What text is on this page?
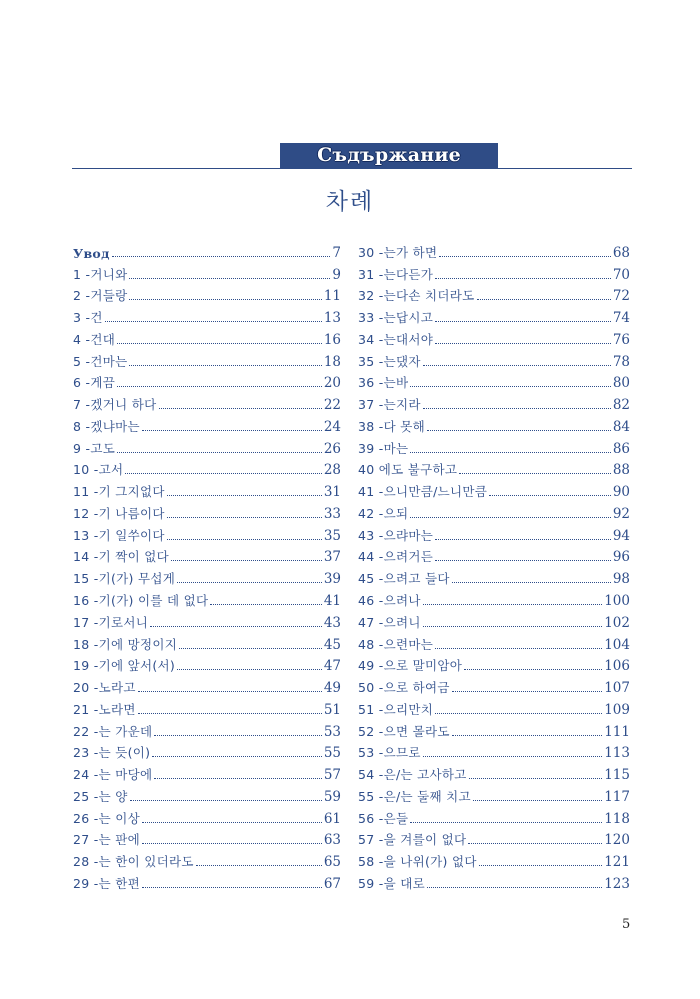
Съдържание
차례
Увод	7
1 -거니와	9
2 -거들랑	11
3 -건	13
4 -건대	16
5 -건마는	18
6 -게끔	20
7 -겠거니 하다	22
8 -겠냐마는	24
9 -고도	26
10 -고서	28
11 -기 그지없다	31
12 -기 나름이다	33
13 -기 일쑤이다	35
14 -기 짝이 없다	37
15 -기(가) 무섭게	39
16 -기(가) 이를 데 없다	41
17 -기로서니	43
18 -기에 망정이지	45
19 -기에 앞서(서)	47
20 -노라고	49
21 -노라면	51
22 -는 가운데	53
23 -는 듯(이)	55
24 -는 마당에	57
25 -는 양	59
26 -는 이상	61
27 -는 판에	63
28 -는 한이 있더라도	65
29 -는 한편	67
30 -는가 하면	68
31 -는다든가	70
32 -는다손 치더라도	72
33 -는답시고	74
34 -는대서야	76
35 -는댔자	78
36 -는바	80
37 -는지라	82
38 -다 못해	84
39 -마는	86
40 에도 불구하고	88
41 -으니만큼/느니만큼	90
42 -으되	92
43 -으랴마는	94
44 -으려거든	96
45 -으려고 들다	98
46 -으려나	100
47 -으려니	102
48 -으련마는	104
49 -으로 말미암아	106
50 -으로 하여금	107
51 -으리만치	109
52 -으면 몰라도	111
53 -으므로	113
54 -은/는 고사하고	115
55 -은/는 둘째 치고	117
56 -은들	118
57 -을 겨를이 없다	120
58 -을 나위(가) 없다	121
59 -을 대로	123
5
